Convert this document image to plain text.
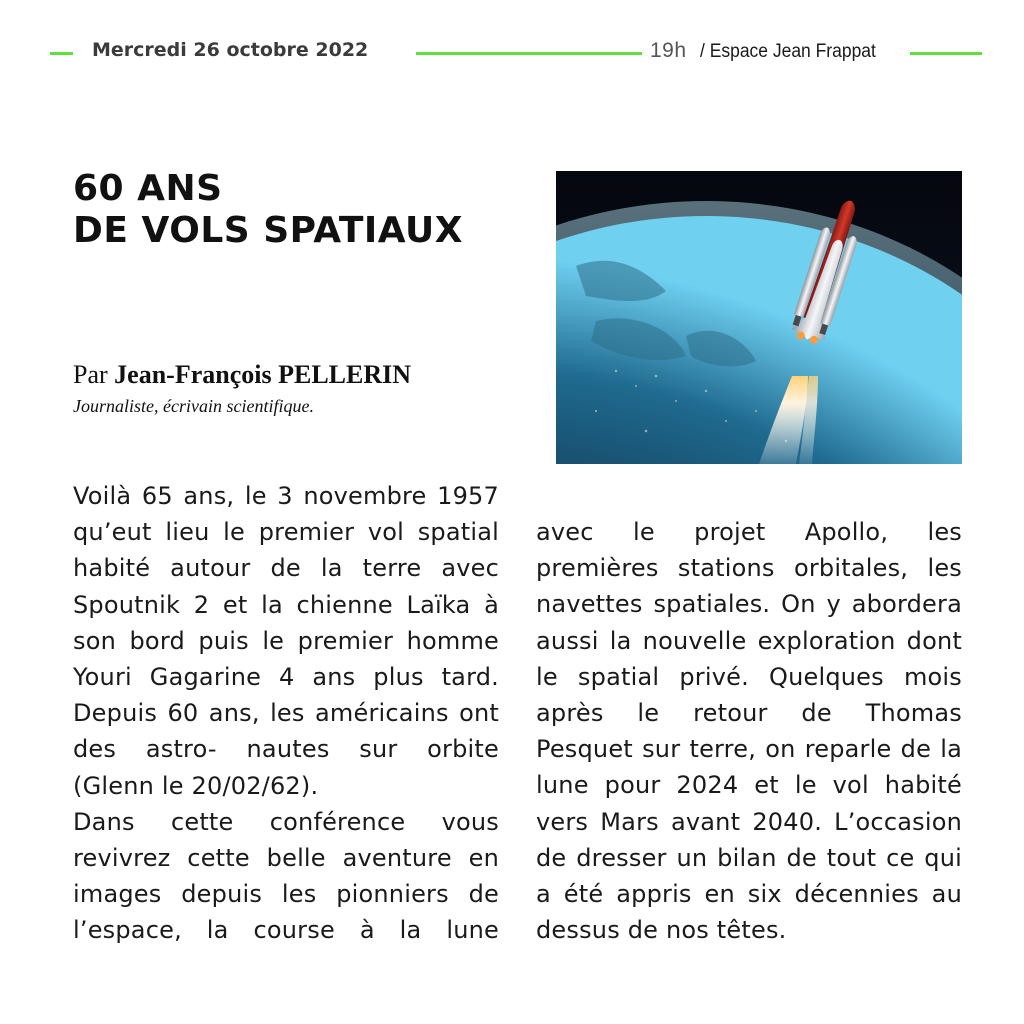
Mercredi 26 octobre 2022	19h / Espace Jean Frappat
60 ANS
DE VOLS SPATIAUX
Par Jean-François PELLERIN
Journaliste, écrivain scientifique.

Voilà 65 ans, le 3 novembre 1957 qu’eut lieu le premier vol spatial habité autour de la terre avec Spoutnik 2 et la chienne Laïka à son bord puis le premier homme Youri Gagarine 4 ans plus tard. Depuis 60 ans, les américains ont des astro- nautes sur orbite (Glenn le 20/02/62).

Dans cette conférence vous revivrez cette belle aventure en images depuis les pionniers de l’espace, la course à la lune

avec le projet Apollo, les premières stations orbitales, les navettes spatiales. On y abordera aussi la nouvelle exploration dont le spatial privé. Quelques mois après le retour de Thomas Pesquet sur terre, on reparle de la lune pour 2024 et le vol habité vers Mars avant 2040. L’occasion de dresser un bilan de tout ce qui a été appris en six décennies au dessus de nos têtes.
